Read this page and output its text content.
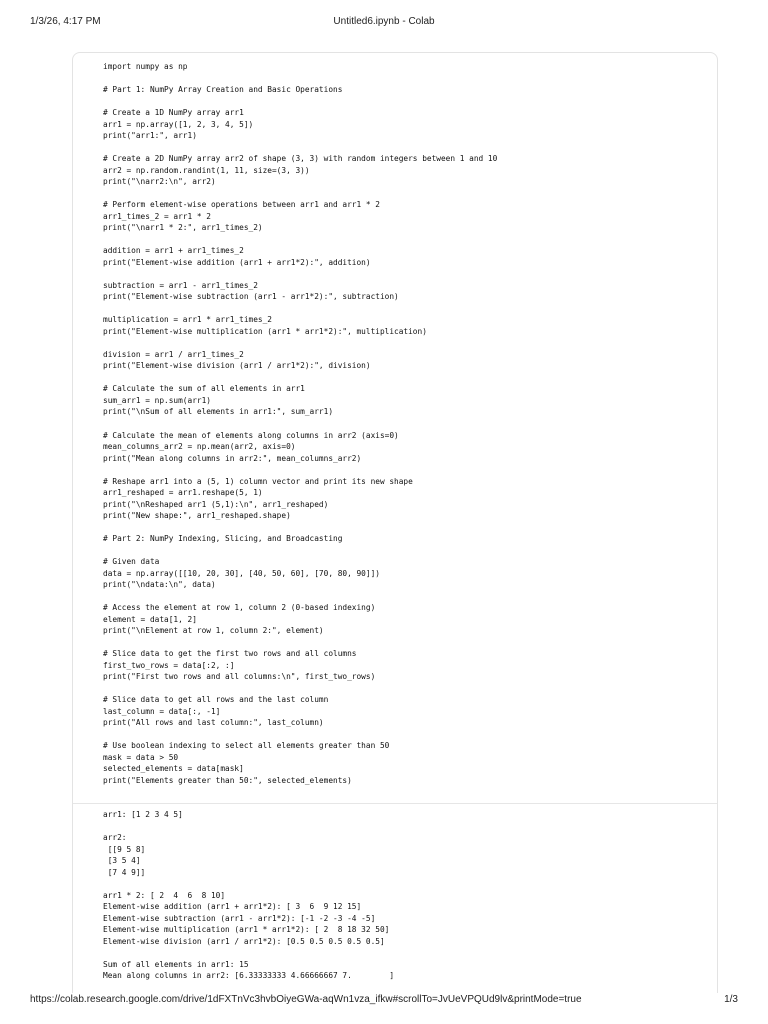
1/3/26, 4:17 PM	Untitled6.ipynb - Colab
import numpy as np

# Part 1: NumPy Array Creation and Basic Operations

# Create a 1D NumPy array arr1
arr1 = np.array([1, 2, 3, 4, 5])
print("arr1:", arr1)

# Create a 2D NumPy array arr2 of shape (3, 3) with random integers between 1 and 10
arr2 = np.random.randint(1, 11, size=(3, 3))
print("\narr2:\n", arr2)

# Perform element-wise operations between arr1 and arr1 * 2
arr1_times_2 = arr1 * 2
print("\narr1 * 2:", arr1_times_2)

addition = arr1 + arr1_times_2
print("Element-wise addition (arr1 + arr1*2):", addition)

subtraction = arr1 - arr1_times_2
print("Element-wise subtraction (arr1 - arr1*2):", subtraction)

multiplication = arr1 * arr1_times_2
print("Element-wise multiplication (arr1 * arr1*2):", multiplication)

division = arr1 / arr1_times_2
print("Element-wise division (arr1 / arr1*2):", division)

# Calculate the sum of all elements in arr1
sum_arr1 = np.sum(arr1)
print("\nSum of all elements in arr1:", sum_arr1)

# Calculate the mean of elements along columns in arr2 (axis=0)
mean_columns_arr2 = np.mean(arr2, axis=0)
print("Mean along columns in arr2:", mean_columns_arr2)

# Reshape arr1 into a (5, 1) column vector and print its new shape
arr1_reshaped = arr1.reshape(5, 1)
print("\nReshaped arr1 (5,1):\n", arr1_reshaped)
print("New shape:", arr1_reshaped.shape)

# Part 2: NumPy Indexing, Slicing, and Broadcasting

# Given data
data = np.array([[10, 20, 30], [40, 50, 60], [70, 80, 90]])
print("\ndata:\n", data)

# Access the element at row 1, column 2 (0-based indexing)
element = data[1, 2]
print("\nElement at row 1, column 2:", element)

# Slice data to get the first two rows and all columns
first_two_rows = data[:2, :]
print("First two rows and all columns:\n", first_two_rows)

# Slice data to get all rows and the last column
last_column = data[:, -1]
print("All rows and last column:", last_column)

# Use boolean indexing to select all elements greater than 50
mask = data > 50
selected_elements = data[mask]
print("Elements greater than 50:", selected_elements)
arr1: [1 2 3 4 5]

arr2:
[[9 5 8]
[3 5 4]
[7 4 9]]

arr1 * 2: [ 2  4  6  8 10]
Element-wise addition (arr1 + arr1*2): [ 3  6  9 12 15]
Element-wise subtraction (arr1 - arr1*2): [-1 -2 -3 -4 -5]
Element-wise multiplication (arr1 * arr1*2): [ 2  8 18 32 50]
Element-wise division (arr1 / arr1*2): [0.5 0.5 0.5 0.5 0.5]

Sum of all elements in arr1: 15
Mean along columns in arr2: [6.33333333 4.66666667 7.        ]

https://colab.research.google.com/drive/1dFXTnVc3hvbOiyeGWa-aqWn1vza_ifkw#scrollTo=JvUeVPQUd9lv&printMode=true	1/3
